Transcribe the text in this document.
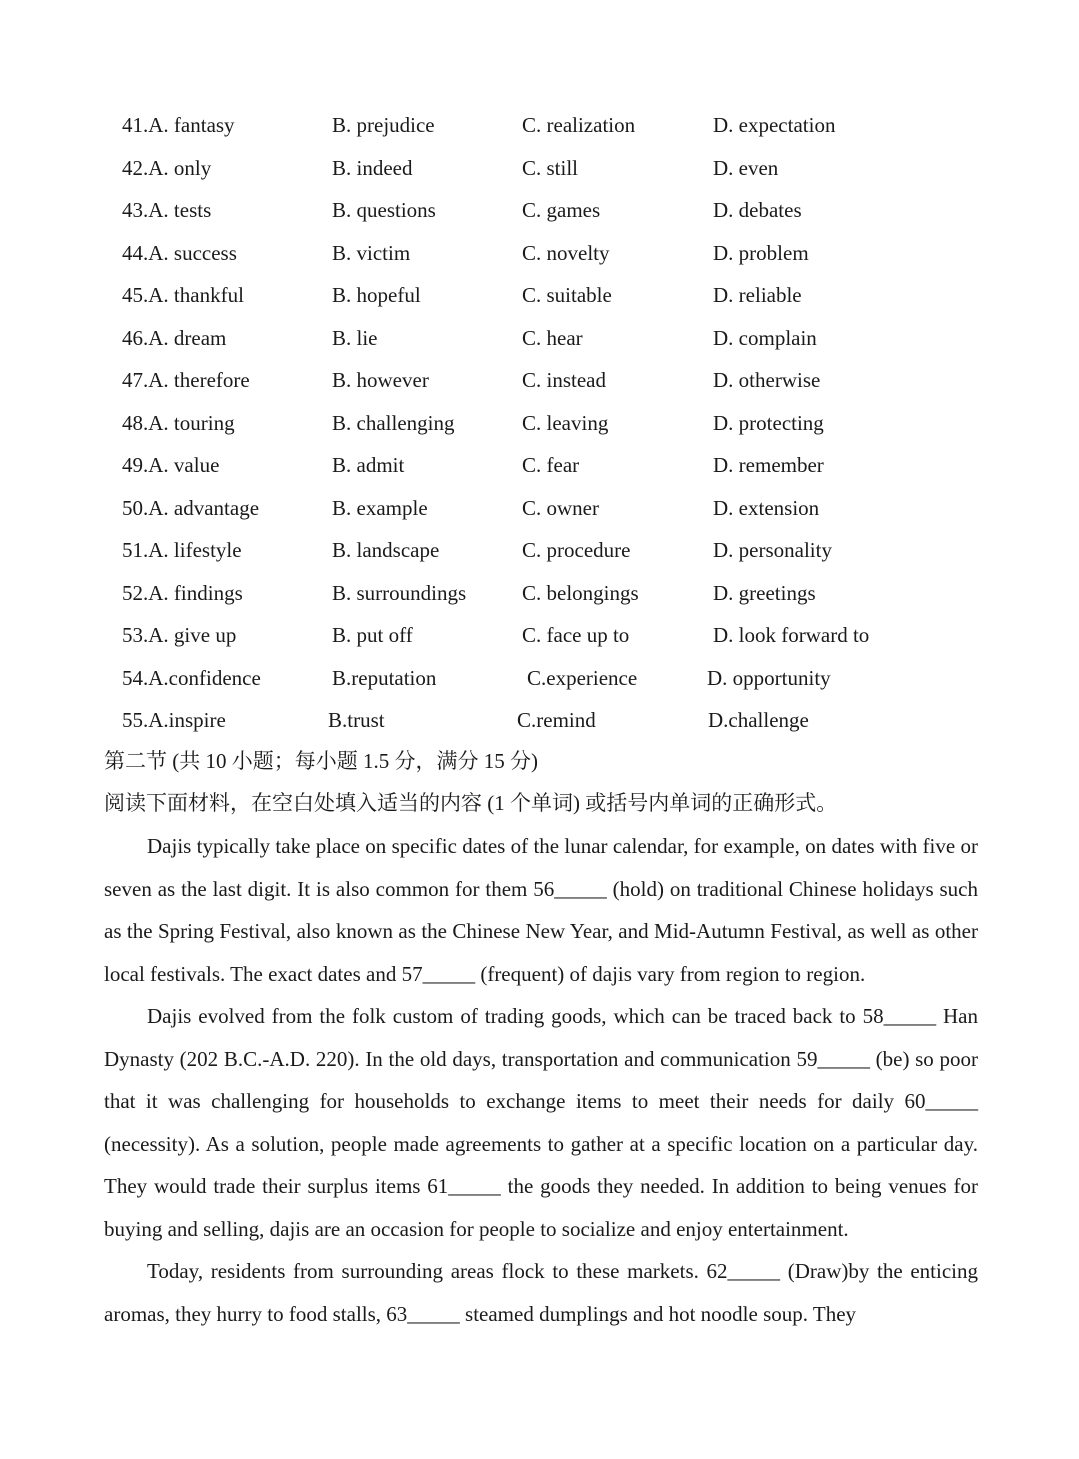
41.A. fantasy	B. prejudice	C. realization	D. expectation
42.A. only	B. indeed	C. still	D. even
43.A. tests	B. questions	C. games	D. debates
44.A. success	B. victim	C. novelty	D. problem
45.A. thankful	B. hopeful	C. suitable	D. reliable
46.A. dream	B. lie	C. hear	D. complain
47.A. therefore	B. however	C. instead	D. otherwise
48.A. touring	B. challenging	C. leaving	D. protecting
49.A. value	B. admit	C. fear	D. remember
50.A. advantage	B. example	C. owner	D. extension
51.A. lifestyle	B. landscape	C. procedure	D. personality
52.A. findings	B. surroundings	C. belongings	D. greetings
53.A. give up	B. put off	C. face up to	D. look forward to
54.A.confidence	B.reputation	C.experience	D. opportunity
55.A.inspire	B.trust	C.remind	D.challenge
第二节 (共 10 小题；每小题 1.5 分，满分 15 分)
阅读下面材料，在空白处填入适当的内容 (1 个单词) 或括号内单词的正确形式。

Dajis typically take place on specific dates of the lunar calendar, for example, on dates with five or seven as the last digit. It is also common for them 56_____ (hold) on traditional Chinese holidays such as the Spring Festival, also known as the Chinese New Year, and Mid-Autumn Festival, as well as other local festivals. The exact dates and 57_____ (frequent) of dajis vary from region to region.

Dajis evolved from the folk custom of trading goods, which can be traced back to 58_____ Han Dynasty (202 B.C.-A.D. 220). In the old days, transportation and communication 59_____ (be) so poor that it was challenging for households to exchange items to meet their needs for daily 60_____ (necessity). As a solution, people made agreements to gather at a specific location on a particular day. They would trade their surplus items 61_____ the goods they needed. In addition to being venues for buying and selling, dajis are an occasion for people to socialize and enjoy entertainment.

Today, residents from surrounding areas flock to these markets. 62_____ (Draw)by the enticing aromas, they hurry to food stalls, 63_____ steamed dumplings and hot noodle soup. They
